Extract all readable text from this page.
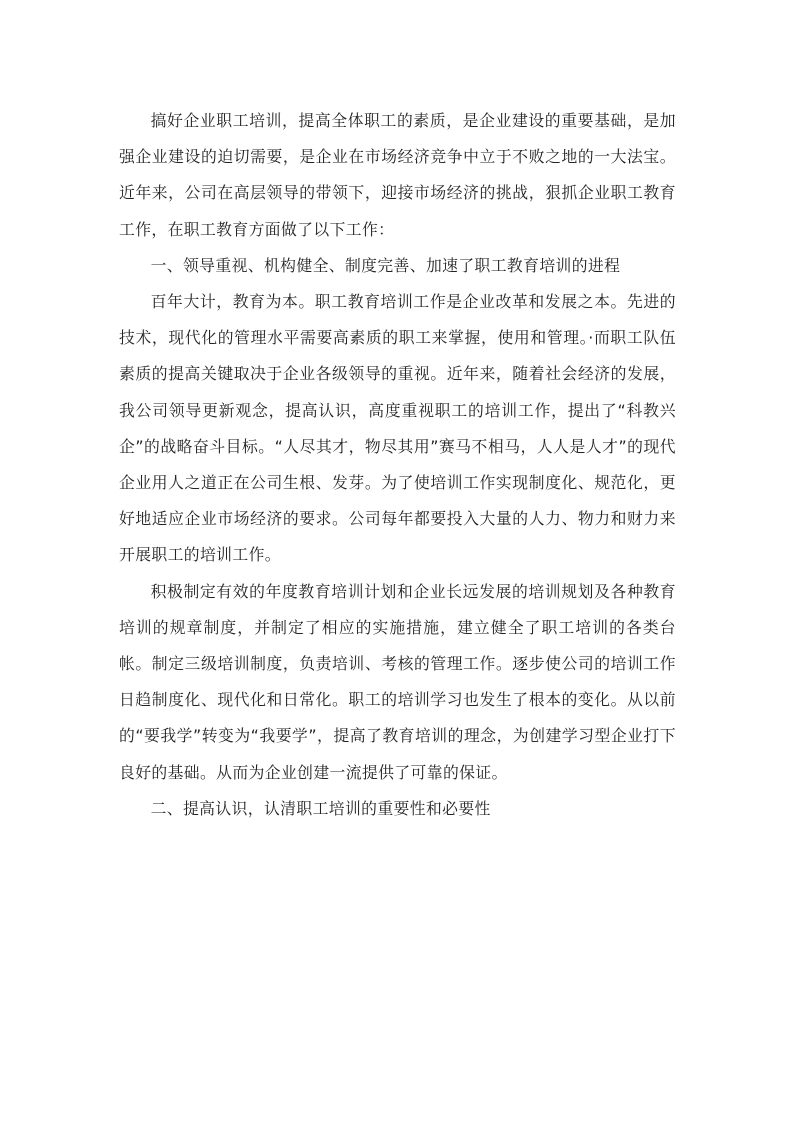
搞好企业职工培训，提高全体职工的素质，是企业建设的重要基础，是加强企业建设的迫切需要，是企业在市场经济竞争中立于不败之地的一大法宝。近年来，公司在高层领导的带领下，迎接市场经济的挑战，狠抓企业职工教育工作，在职工教育方面做了以下工作：

一、领导重视、机构健全、制度完善、加速了职工教育培训的进程

百年大计，教育为本。职工教育培训工作是企业改革和发展之本。先进的技术，现代化的管理水平需要高素质的职工来掌握，使用和管理。·而职工队伍素质的提高关键取决于企业各级领导的重视。近年来，随着社会经济的发展，我公司领导更新观念，提高认识，高度重视职工的培训工作，提出了“科教兴企”的战略奋斗目标。“人尽其才，物尽其用”赛马不相马，人人是人才”的现代企业用人之道正在公司生根、发芽。为了使培训工作实现制度化、规范化，更好地适应企业市场经济的要求。公司每年都要投入大量的人力、物力和财力来开展职工的培训工作。

积极制定有效的年度教育培训计划和企业长远发展的培训规划及各种教育培训的规章制度，并制定了相应的实施措施，建立健全了职工培训的各类台帐。制定三级培训制度，负责培训、考核的管理工作。逐步使公司的培训工作日趋制度化、现代化和日常化。职工的培训学习也发生了根本的变化。从以前的“要我学”转变为“我要学”，提高了教育培训的理念，为创建学习型企业打下良好的基础。从而为企业创建一流提供了可靠的保证。

二、提高认识，认清职工培训的重要性和必要性
